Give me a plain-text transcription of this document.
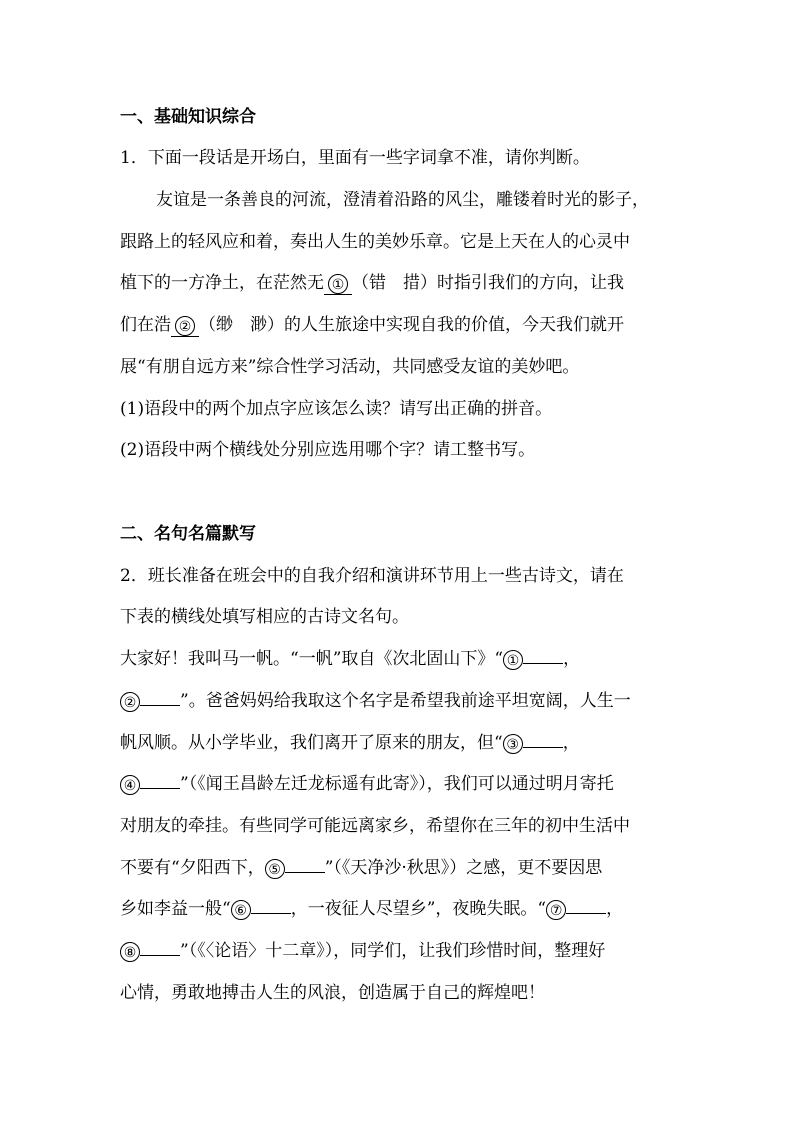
一、基础知识综合
1．下面一段话是开场白，里面有一些字词拿不准，请你判断。
友谊是一条善良的河流，澄清着沿路的风尘，雕镂着时光的影子，
跟路上的轻风应和着，奏出人生的美妙乐章。它是上天在人的心灵中
植下的一方净土，在茫然无 ① （错　措）时指引我们的方向，让我
们在浩 ② （缈　渺）的人生旅途中实现自我的价值，今天我们就开
展“有朋自远方来”综合性学习活动，共同感受友谊的美妙吧。
(1)语段中的两个加点字应该怎么读？请写出正确的拼音。
(2)语段中两个横线处分别应选用哪个字？请工整书写。
二、名句名篇默写
2．班长准备在班会中的自我介绍和演讲环节用上一些古诗文，请在
下表的横线处填写相应的古诗文名句。
大家好！我叫马一帆。“一帆”取自《次北固山下》“ ①	，
②	”。爸爸妈妈给我取这个名字是希望我前途平坦宽阔，人生一
帆风顺。从小学毕业，我们离开了原来的朋友，但“ ③	，
④	”（《闻王昌龄左迁龙标遥有此寄》），我们可以通过明月寄托
对朋友的牵挂。有些同学可能远离家乡，希望你在三年的初中生活中
不要有“夕阳西下， ⑤	”（《天净沙·秋思》）之感，更不要因思
乡如李益一般“ ⑥	，一夜征人尽望乡”，夜晚失眠。“ ⑦	，
⑧	”（《〈论语〉十二章》），同学们，让我们珍惜时间，整理好
心情，勇敢地搏击人生的风浪，创造属于自己的辉煌吧！
